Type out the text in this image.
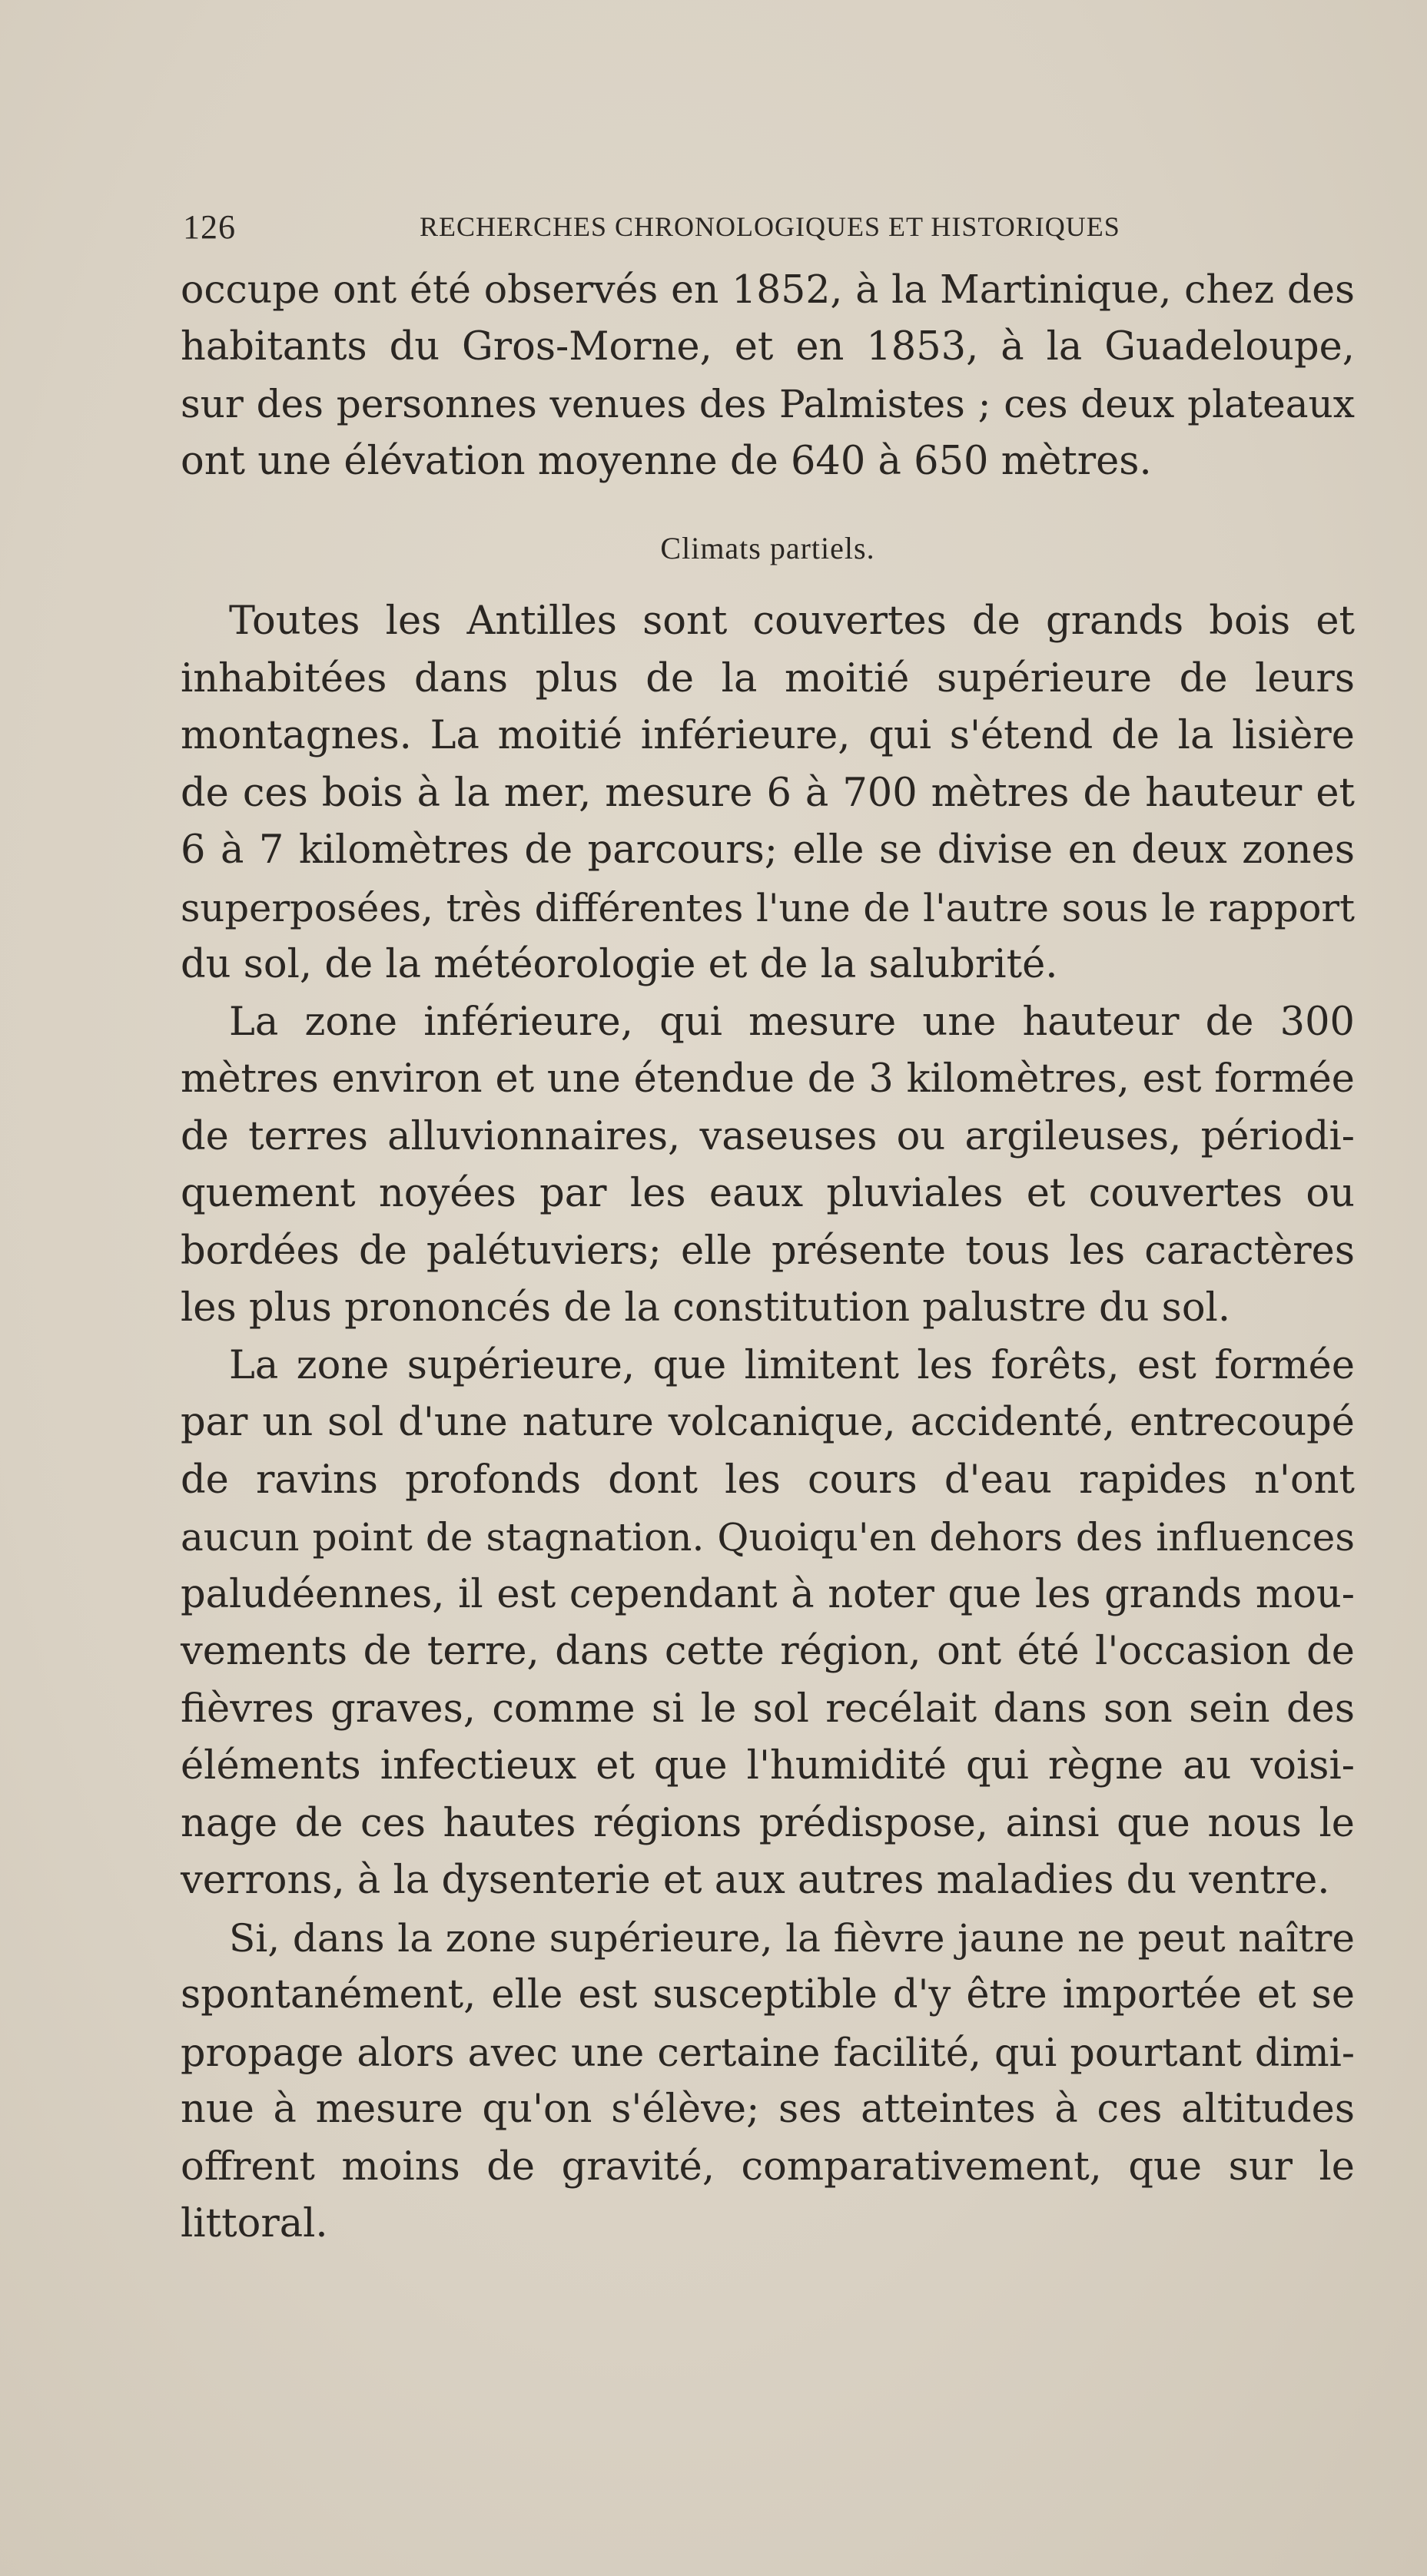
126	RECHERCHES CHRONOLOGIQUES ET HISTORIQUES
occupe ont été observés en 1852, à la Martinique, chez des
habitants du Gros-Morne, et en 1853, à la Guadeloupe,
sur des personnes venues des Palmistes ; ces deux plateaux
ont une élévation moyenne de 640 à 650 mètres.
Climats partiels.
Toutes les Antilles sont couvertes de grands bois et
inhabitées dans plus de la moitié supérieure de leurs
montagnes. La moitié inférieure, qui s'étend de la lisière
de ces bois à la mer, mesure 6 à 700 mètres de hauteur et
6 à 7 kilomètres de parcours; elle se divise en deux zones
superposées, très différentes l'une de l'autre sous le rapport
du sol, de la météorologie et de la salubrité.
La zone inférieure, qui mesure une hauteur de 300
mètres environ et une étendue de 3 kilomètres, est formée
de terres alluvionnaires, vaseuses ou argileuses, périodi-
quement noyées par les eaux pluviales et couvertes ou
bordées de palétuviers; elle présente tous les caractères
les plus prononcés de la constitution palustre du sol.
La zone supérieure, que limitent les forêts, est formée
par un sol d'une nature volcanique, accidenté, entrecoupé
de ravins profonds dont les cours d'eau rapides n'ont
aucun point de stagnation. Quoiqu'en dehors des influences
paludéennes, il est cependant à noter que les grands mou-
vements de terre, dans cette région, ont été l'occasion de
fièvres graves, comme si le sol recélait dans son sein des
éléments infectieux et que l'humidité qui règne au voisi-
nage de ces hautes régions prédispose, ainsi que nous le
verrons, à la dysenterie et aux autres maladies du ventre.
Si, dans la zone supérieure, la fièvre jaune ne peut naître
spontanément, elle est susceptible d'y être importée et se
propage alors avec une certaine facilité, qui pourtant dimi-
nue à mesure qu'on s'élève; ses atteintes à ces altitudes
offrent moins de gravité, comparativement, que sur le
littoral.
